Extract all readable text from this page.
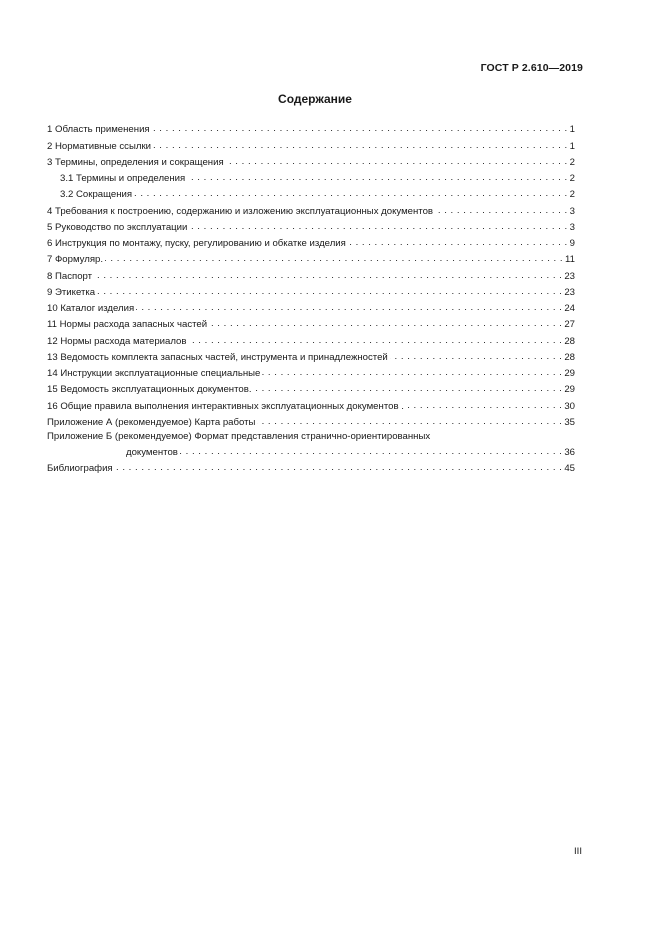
ГОСТ Р 2.610—2019
Содержание
1 Область применения . . .	1
2 Нормативные ссылки . . .	1
3 Термины, определения и сокращения . . .	2
3.1 Термины и определения . . .	2
3.2 Сокращения . . .	2
4 Требования к построению, содержанию и изложению эксплуатационных документов . . .	3
5 Руководство по эксплуатации . . .	3
6 Инструкция по монтажу, пуску, регулированию и обкатке изделия . . .	9
7 Формуляр. . . .	11
8 Паспорт . . .	23
9 Этикетка . . .	23
10 Каталог изделия . . .	24
11 Нормы расхода запасных частей . . .	27
12 Нормы расхода материалов . . .	28
13 Ведомость комплекта запасных частей, инструмента и принадлежностей . . .	28
14 Инструкции эксплуатационные специальные . . .	29
15 Ведомость эксплуатационных документов. . . .	29
16 Общие правила выполнения интерактивных эксплуатационных документов . . . .	30
Приложение А (рекомендуемое) Карта работы . . .	35
Приложение Б (рекомендуемое) Формат представления странично-ориентированных
документов . . .	36
Библиография . . .	45
III
